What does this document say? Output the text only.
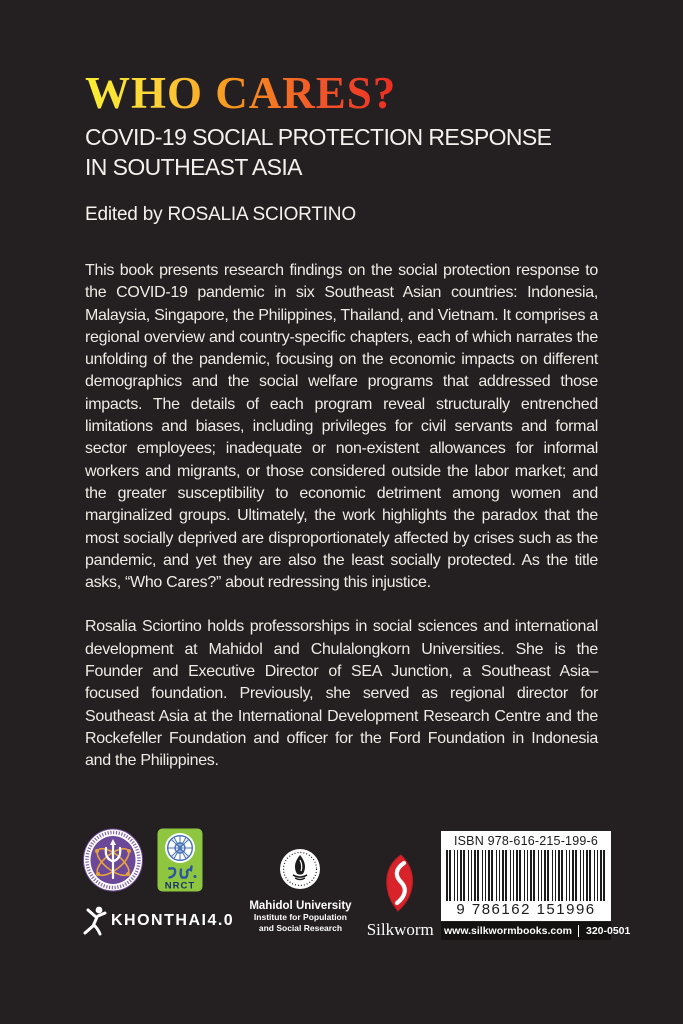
WHO CARES?
COVID-19 SOCIAL PROTECTION RESPONSE
IN SOUTHEAST ASIA
Edited by ROSALIA SCIORTINO

This book presents research findings on the social protection response to the COVID-19 pandemic in six Southeast Asian countries: Indonesia, Malaysia, Singapore, the Philippines, Thailand, and Vietnam. It comprises a regional overview and country-specific chapters, each of which narrates the unfolding of the pandemic, focusing on the economic impacts on different demographics and the social welfare programs that addressed those impacts. The details of each program reveal structurally entrenched limitations and biases, including privileges for civil servants and formal sector employees; inadequate or non-existent allowances for informal workers and migrants, or those considered outside the labor market; and the greater susceptibility to economic detriment among women and marginalized groups. Ultimately, the work highlights the paradox that the most socially deprived are disproportionately affected by crises such as the pandemic, and yet they are also the least socially protected. As the title asks, “Who Cares?” about redressing this injustice.

Rosalia Sciortino holds professorships in social sciences and international development at Mahidol and Chulalongkorn Universities. She is the Founder and Executive Director of SEA Junction, a Southeast Asia–focused foundation. Previously, she served as regional director for Southeast Asia at the International Development Research Centre and the Rockefeller Foundation and officer for the Ford Foundation in Indonesia and the Philippines.

NRCT
KHONTHAI4.0
Mahidol University
Institute for Population
and Social Research	Silkworm
ISBN 978-616-215-199-6
9 786162 151996
www.silkwormbooks.com	320-0501
